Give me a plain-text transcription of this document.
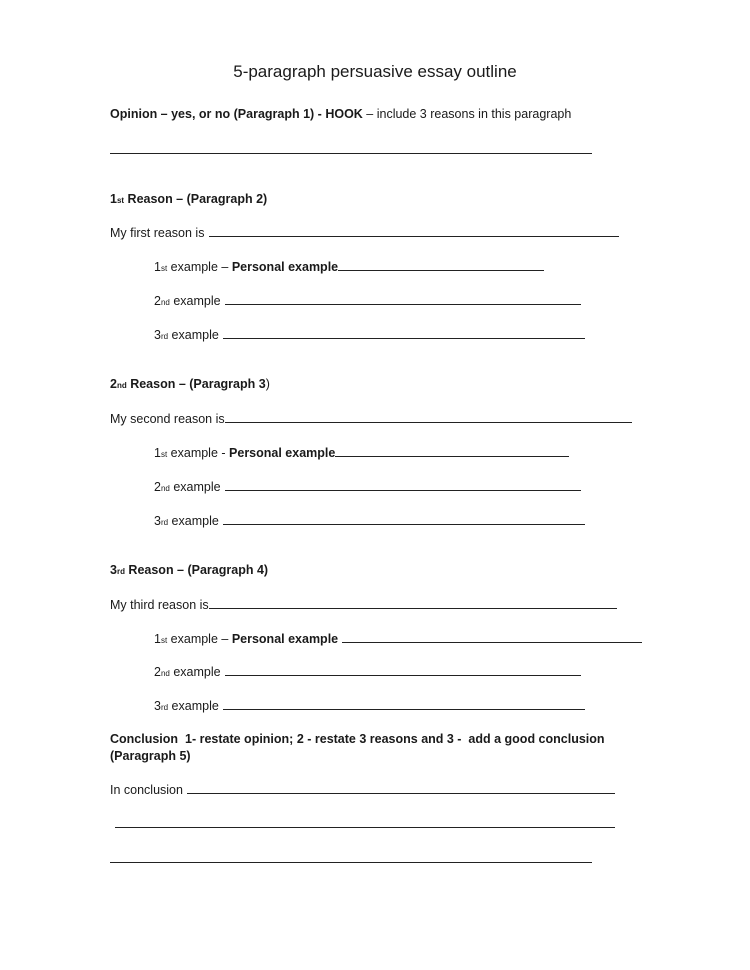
5-paragraph persuasive essay outline
Opinion – yes, or no (Paragraph 1) - HOOK – include 3 reasons in this paragraph
1 st Reason – (Paragraph 2)
My first reason is
1 st example – Personal example
2 nd example
3 rd example
2 nd Reason – (Paragraph 3 )
My second reason is
1 st example - Personal example
2 nd example
3 rd example
3 rd Reason – (Paragraph 4)
My third reason is
1 st example – Personal example
2 nd example
3 rd example
Conclusion  1- restate opinion; 2 - restate 3 reasons and 3 -  add a good conclusion
(Paragraph 5)
In conclusion
